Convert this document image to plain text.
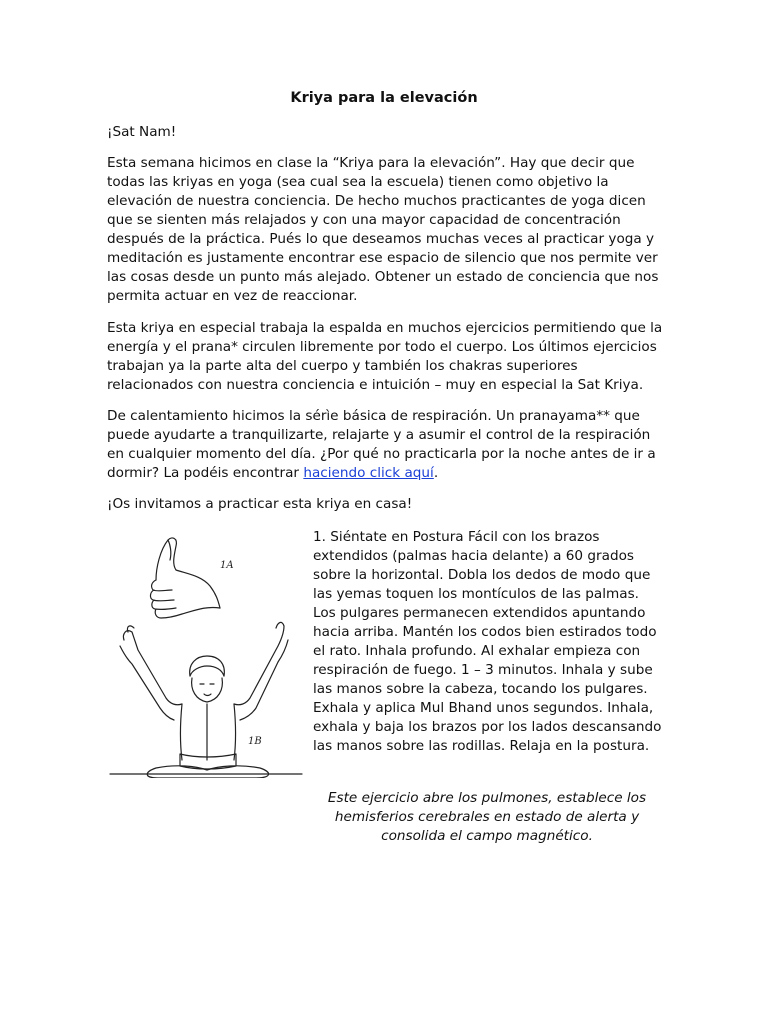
Kriya para la elevación

¡Sat Nam!

Esta semana hicimos en clase la “Kriya para la elevación”. Hay que decir que todas las kriyas en yoga (sea cual sea la escuela) tienen como objetivo la elevación de nuestra conciencia. De hecho muchos practicantes de yoga dicen que se sienten más relajados y con una mayor capacidad de concentración después de la práctica. Pués lo que deseamos muchas veces al practicar yoga y meditación es justamente encontrar ese espacio de silencio que nos permite ver las cosas desde un punto más alejado. Obtener un estado de conciencia que nos permita actuar en vez de reaccionar.

Esta kriya en especial trabaja la espalda en muchos ejercicios permitiendo que la energía y el prana* circulen libremente por todo el cuerpo. Los últimos ejercicios trabajan ya la parte alta del cuerpo y también los chakras superiores relacionados con nuestra conciencia e intuición – muy en especial la Sat Kriya.

De calentamiento hicimos la sérìe básica de respiración. Un pranayama** que puede ayudarte a tranquilizarte, relajarte y a asumir el control de la respiración en cualquier momento del día. ¿Por qué no practicarla por la noche antes de ir a dormir? La podéis encontrar haciendo click aquí.

¡Os invitamos a practicar esta kriya en casa!

1A
1B

1. Siéntate en Postura Fácil con los brazos extendidos (palmas hacia delante) a 60 grados sobre la horizontal. Dobla los dedos de modo que las yemas toquen los montículos de las palmas. Los pulgares permanecen extendidos apuntando hacia arriba. Mantén los codos bien estirados todo el rato. Inhala profundo. Al exhalar empieza con respiración de fuego. 1 – 3 minutos. Inhala y sube las manos sobre la cabeza, tocando los pulgares. Exhala y aplica Mul Bhand unos segundos. Inhala, exhala y baja los brazos por los lados descansando las manos sobre las rodillas. Relaja en la postura.

Este ejercicio abre los pulmones, establece los hemisferios cerebrales en estado de alerta y consolida el campo magnético.
